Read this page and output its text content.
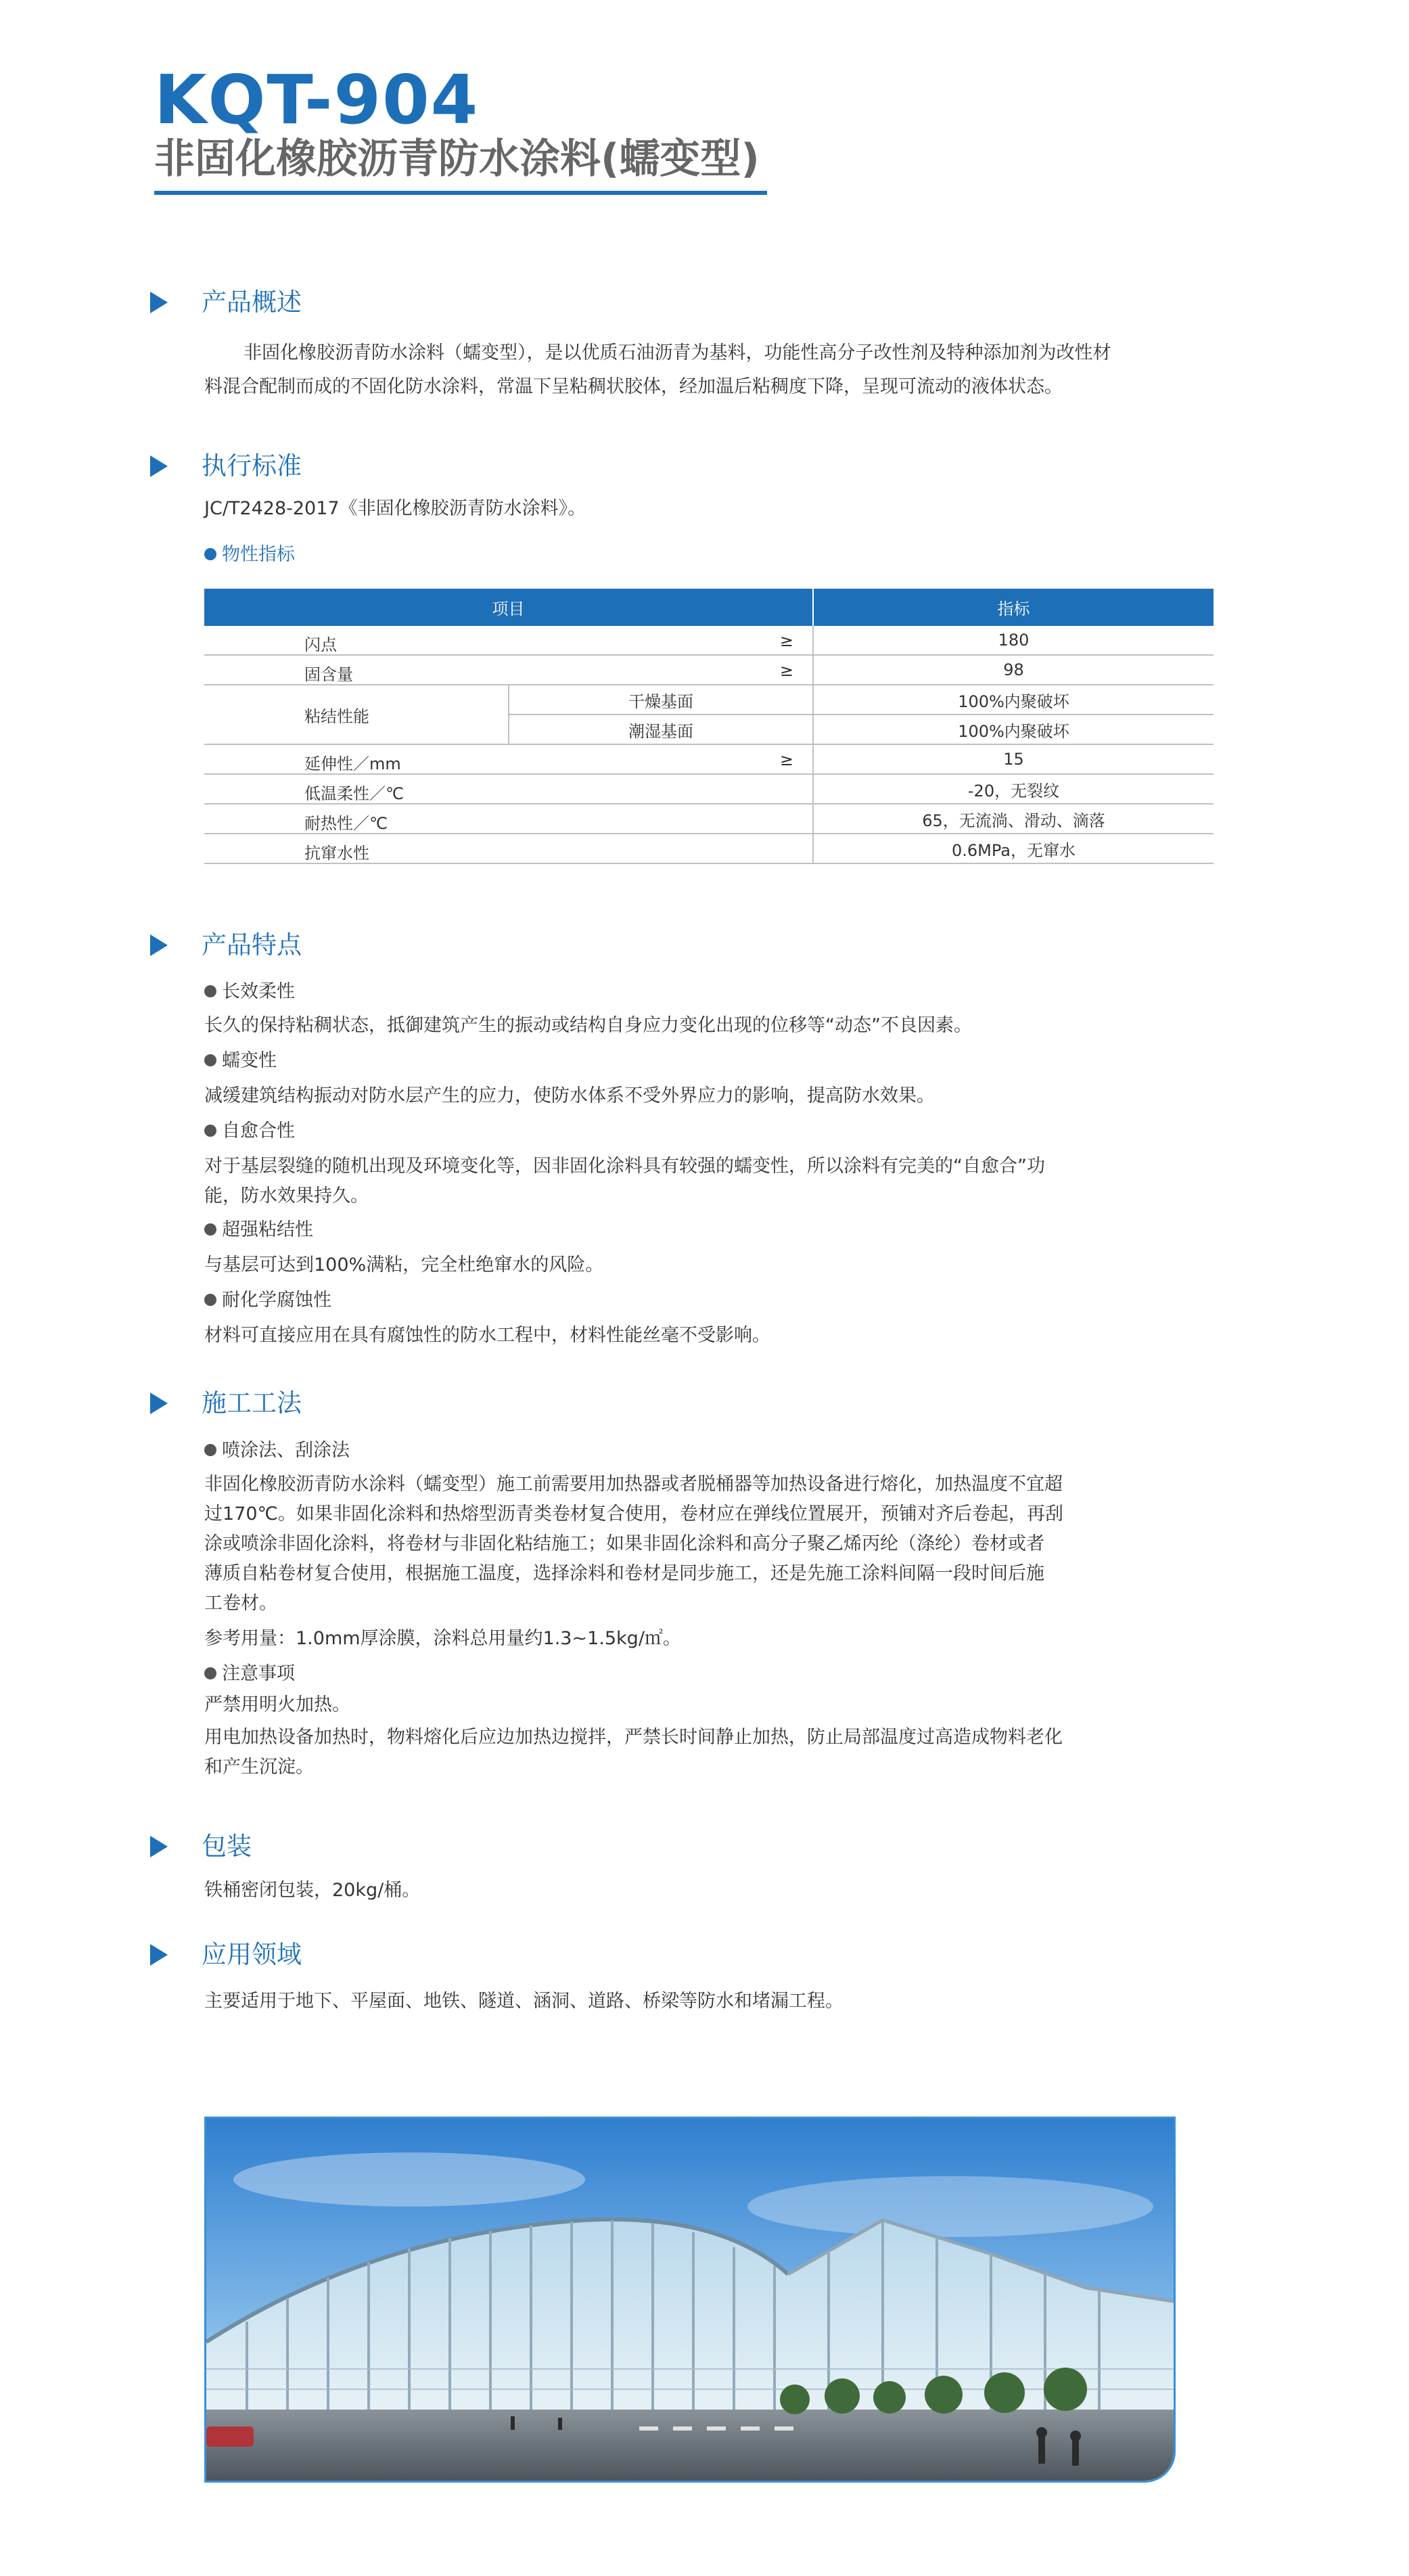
KQT-904
非固化橡胶沥青防水涂料(蠕变型)
产品概述
非固化橡胶沥青防水涂料（蠕变型），是以优质石油沥青为基料，功能性高分子改性剂及特种添加剂为改性材
料混合配制而成的不固化防水涂料，常温下呈粘稠状胶体，经加温后粘稠度下降，呈现可流动的液体状态。
执行标准
JC/T2428-2017《非固化橡胶沥青防水涂料》。
物性指标
项目		指标

闪点 ≥		180

固含量 ≥		98
粘结性能	干燥基面	100%内聚破坏
	潮湿基面	100%内聚破坏

延伸性／mm ≥		15

低温柔性／℃		-20，无裂纹

耐热性／℃		65，无流淌、滑动、滴落

抗窜水性		0.6MPa，无窜水
产品特点
长效柔性
长久的保持粘稠状态，抵御建筑产生的振动或结构自身应力变化出现的位移等“动态”不良因素。
蠕变性
减缓建筑结构振动对防水层产生的应力，使防水体系不受外界应力的影响，提高防水效果。
自愈合性
对于基层裂缝的随机出现及环境变化等，因非固化涂料具有较强的蠕变性，所以涂料有完美的“自愈合”功
能，防水效果持久。
超强粘结性
与基层可达到100%满粘，完全杜绝窜水的风险。
耐化学腐蚀性
材料可直接应用在具有腐蚀性的防水工程中，材料性能丝毫不受影响。
施工工法
喷涂法、刮涂法
非固化橡胶沥青防水涂料（蠕变型）施工前需要用加热器或者脱桶器等加热设备进行熔化，加热温度不宜超
过170℃。如果非固化涂料和热熔型沥青类卷材复合使用，卷材应在弹线位置展开，预铺对齐后卷起，再刮
涂或喷涂非固化涂料，将卷材与非固化粘结施工；如果非固化涂料和高分子聚乙烯丙纶（涤纶）卷材或者
薄质自粘卷材复合使用，根据施工温度，选择涂料和卷材是同步施工，还是先施工涂料间隔一段时间后施
工卷材。
参考用量：1.0mm厚涂膜，涂料总用量约1.3~1.5kg/㎡。
注意事项
严禁用明火加热。
用电加热设备加热时，物料熔化后应边加热边搅拌，严禁长时间静止加热，防止局部温度过高造成物料老化
和产生沉淀。
包装
铁桶密闭包装，20kg/桶。
应用领域
主要适用于地下、平屋面、地铁、隧道、涵洞、道路、桥梁等防水和堵漏工程。
